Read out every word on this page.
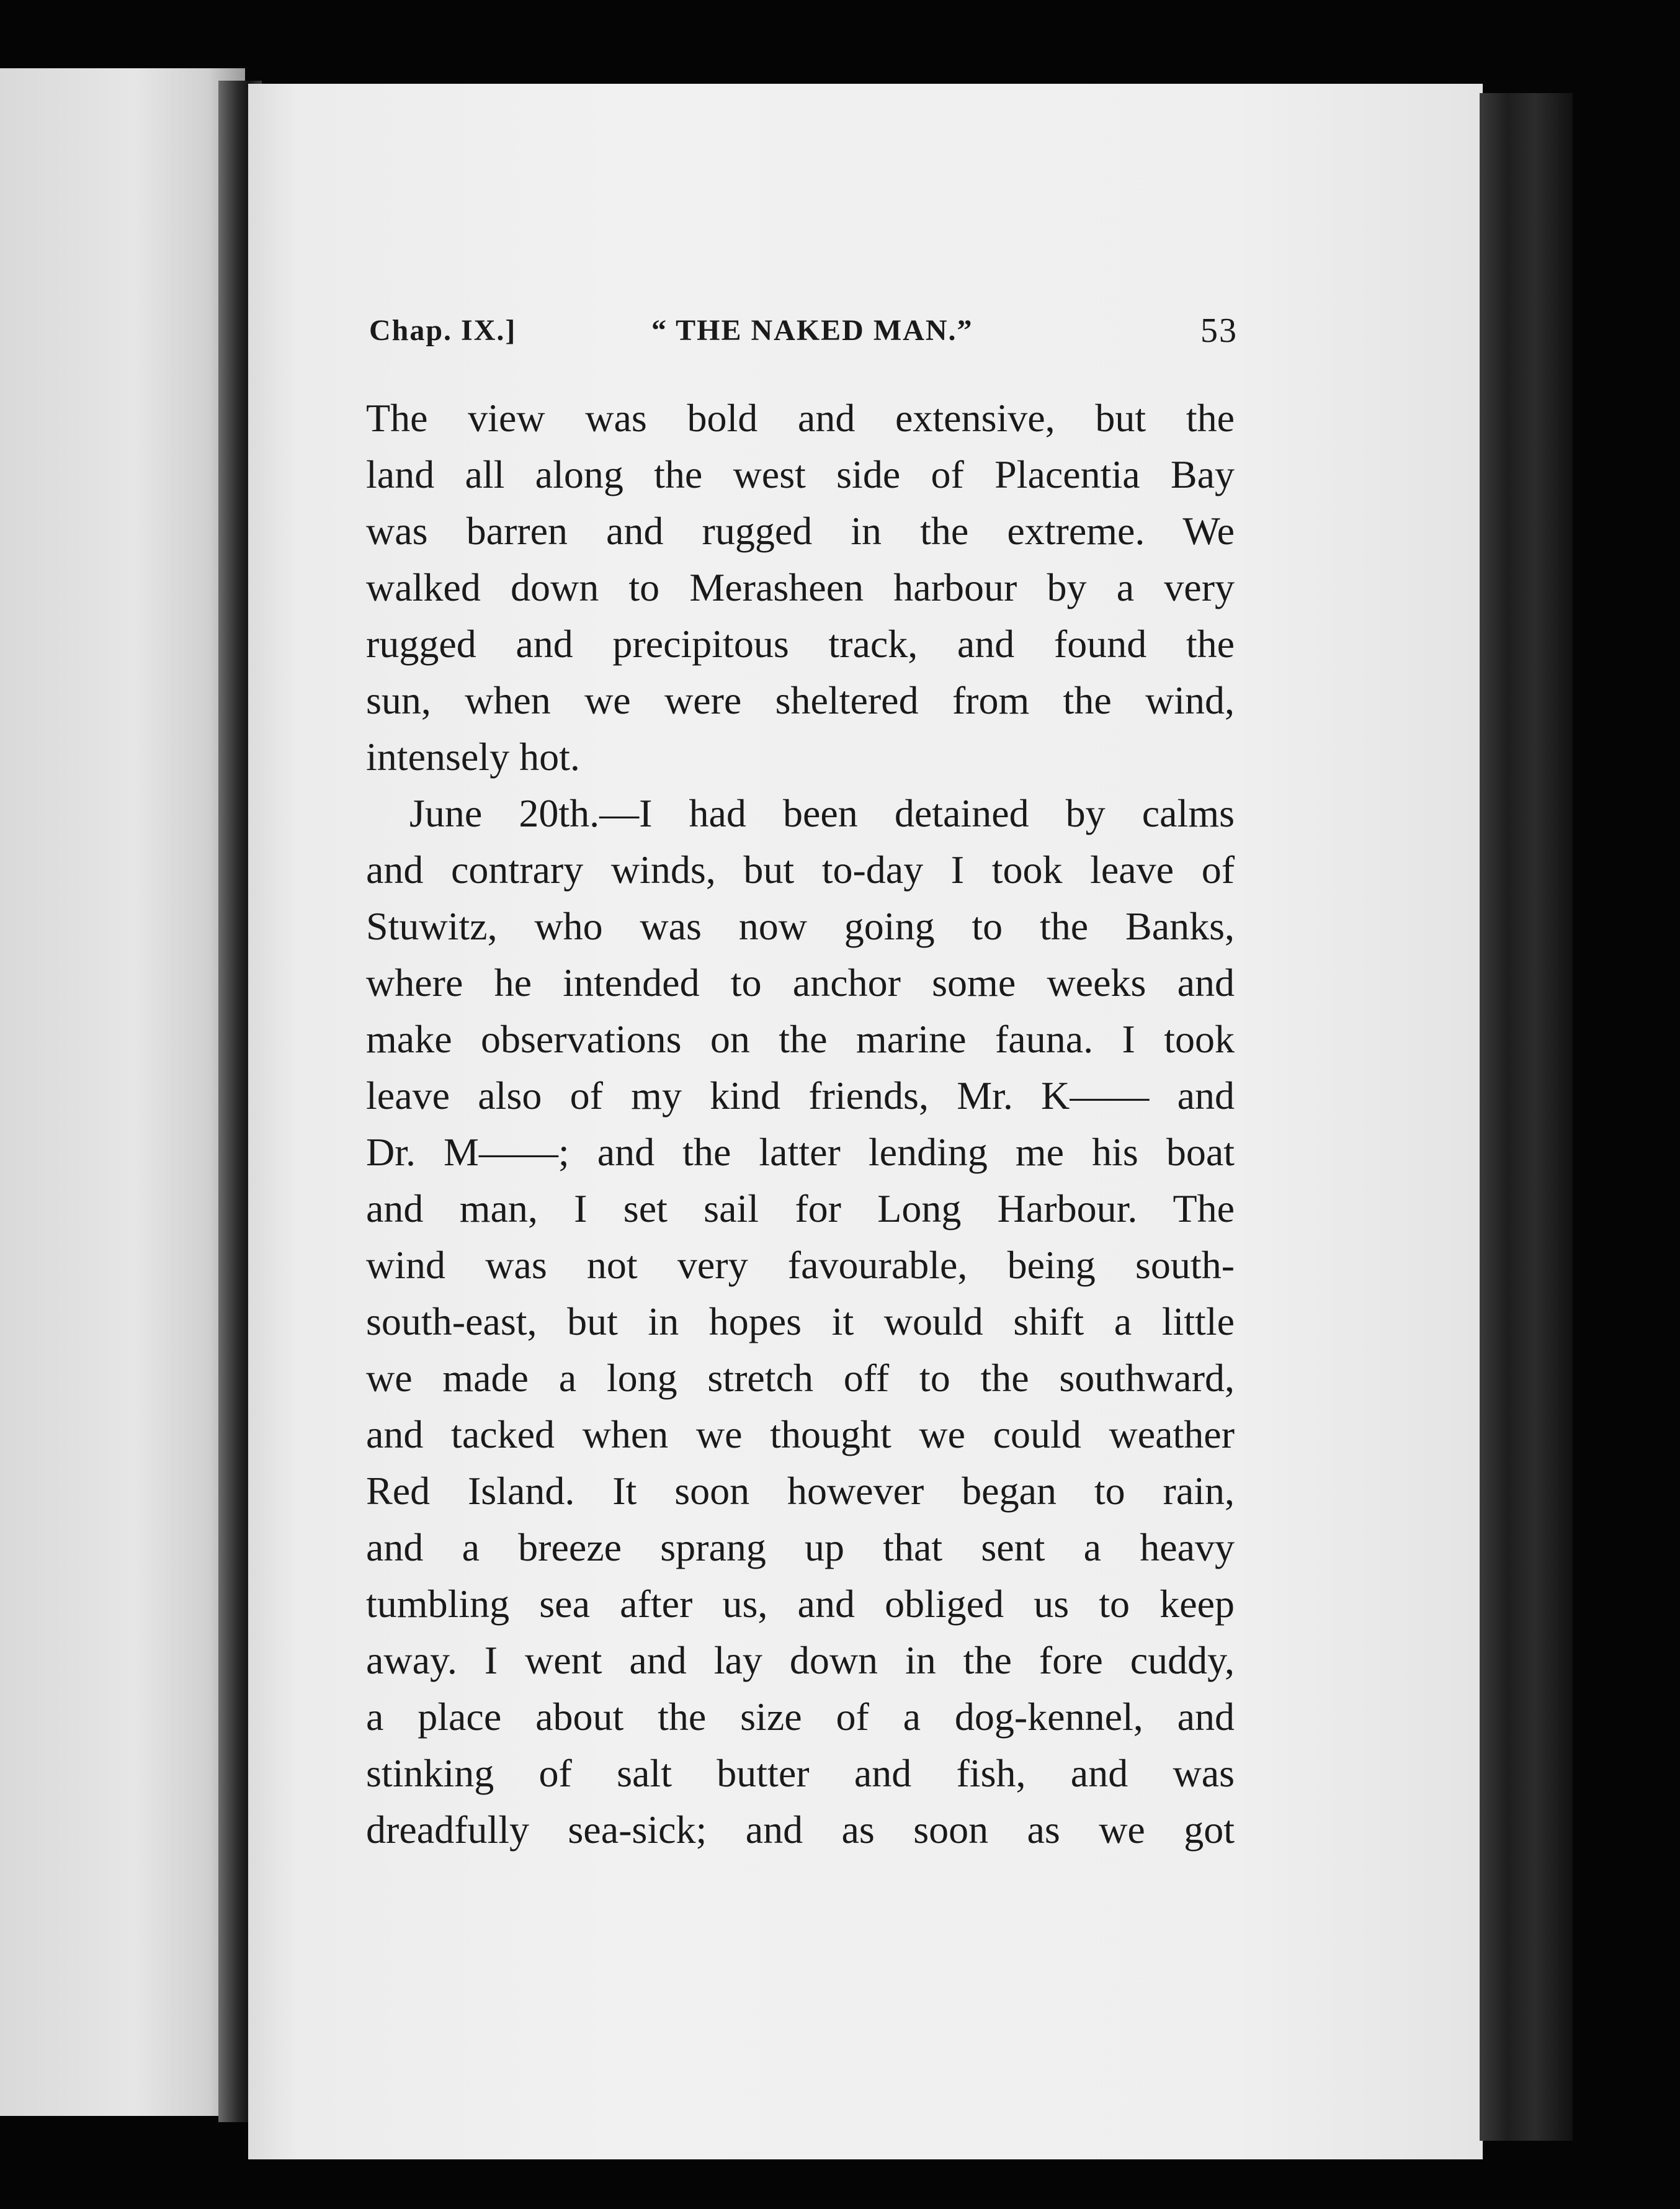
Chap. IX.]	“ THE NAKED MAN.”	53
The view was bold and extensive, but the
land all along the west side of Placentia Bay
was barren and rugged in the extreme. We
walked down to Merasheen harbour by a very
rugged and precipitous track, and found the
sun, when we were sheltered from the wind,
intensely hot.
June 20th.—I had been detained by calms
and contrary winds, but to-day I took leave of
Stuwitz, who was now going to the Banks,
where he intended to anchor some weeks and
make observations on the marine fauna. I took
leave also of my kind friends, Mr. K—— and
Dr. M——; and the latter lending me his boat
and man, I set sail for Long Harbour. The
wind was not very favourable, being south-
south-east, but in hopes it would shift a little
we made a long stretch off to the southward,
and tacked when we thought we could weather
Red Island. It soon however began to rain,
and a breeze sprang up that sent a heavy
tumbling sea after us, and obliged us to keep
away. I went and lay down in the fore cuddy,
a place about the size of a dog-kennel, and
stinking of salt butter and fish, and was
dreadfully sea-sick; and as soon as we got
